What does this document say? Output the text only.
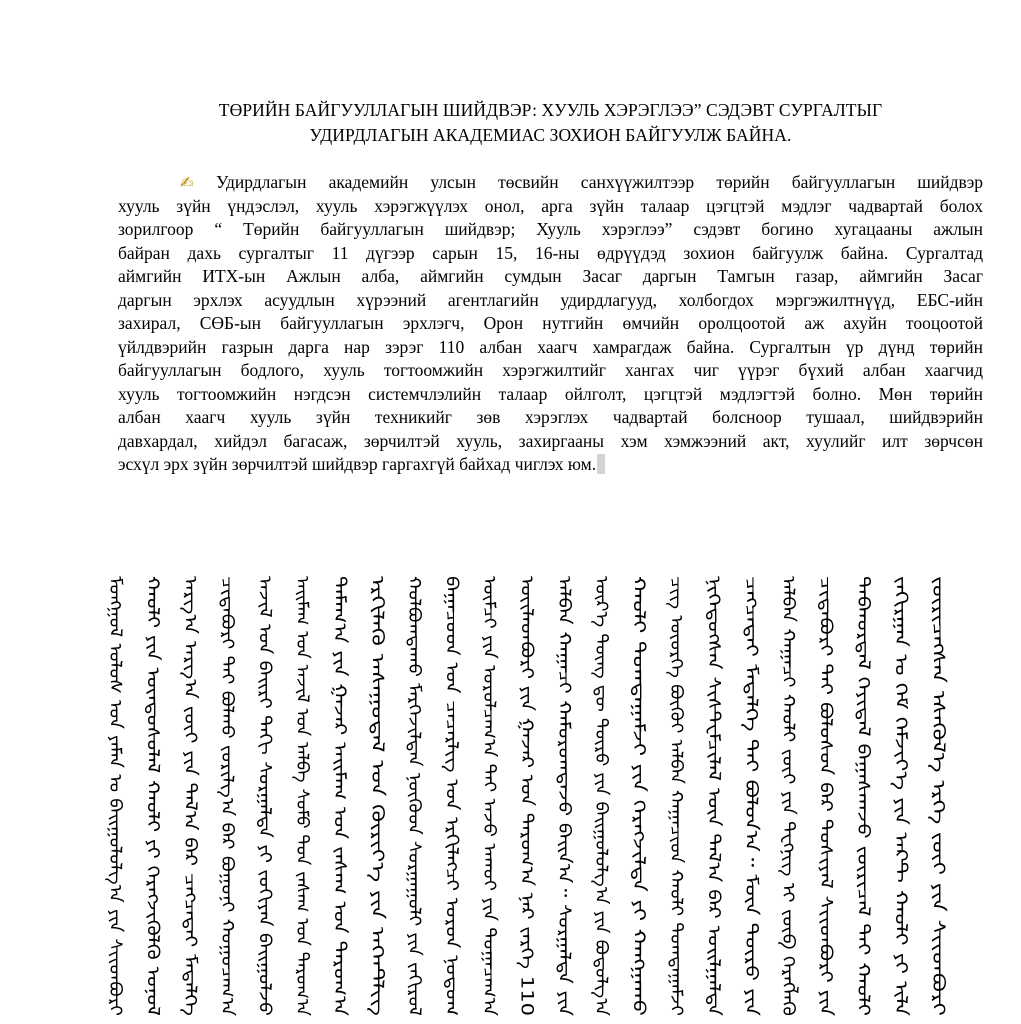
ТӨРИЙН БАЙГУУЛЛАГЫН ШИЙДВЭР: ХУУЛЬ ХЭРЭГЛЭЭ” СЭДЭВТ СУРГАЛТЫГ
УДИРДЛАГЫН АКАДЕМИАС ЗОХИОН БАЙГУУЛЖ БАЙНА.
✍ Удирдлагын академийн улсын төсвийн санхүүжилтээр төрийн байгууллагын шийдвэр
хууль зүйн үндэслэл, хууль хэрэгжүүлэх онол, арга зүйн талаар цэгцтэй мэдлэг чадвартай болох
зорилгоор “ Төрийн байгууллагын шийдвэр; Хууль хэрэглээ” сэдэвт богино хугацааны ажлын
байран дахь сургалтыг 11 дүгээр сарын 15, 16-ны өдрүүдэд зохион байгуулж байна. Сургалтад
аймгийн ИТХ-ын Ажлын алба, аймгийн сумдын Засаг даргын Тамгын газар, аймгийн Засаг
даргын эрхлэх асуудлын хүрээний агентлагийн удирдлагууд, холбогдох мэргэжилтнүүд, ЕБС-ийн
захирал, СӨБ-ын байгууллагын эрхлэгч, Орон нутгийн өмчийн оролцоотой аж ахуйн тооцоотой
үйлдвэрийн газрын дарга нар зэрэг 110 албан хаагч хамрагдаж байна. Сургалтын үр дүнд төрийн
байгууллагын бодлого, хууль тогтоомжийн хэрэгжилтийг хангах чиг үүрэг бүхий албан хаагчид
хууль тогтоомжийн нэгдсэн системчлэлийн талаар ойлголт, цэгцтэй мэдлэгтэй болно. Мөн төрийн
албан хаагч хууль зүйн техникийг зөв хэрэглэх чадвартай болсноор тушаал, шийдвэрийн
давхардал, хийдэл багасаж, зөрчилтэй хууль, захиргааны хэм хэмжээний акт, хуулийг илт зөрчсөн
эсхүл эрх зүйн зөрчилтэй шийдвэр гаргахгүй байхад чиглэх юм.
ᠮᠣᠩᠭᠣᠯ ᠤᠯᠤᠰ ᠤᠨ ᠶᠠᠮᠠᠨ ᠤ ᠪᠠᠢᠭᠤᠯᠤᠯᠭ᠎ᠠ ᠶᠢᠨ ᠱᠢᠢᠳᠪᠦᠷᠢ ᠬᠠᠤᠯᠢ ᠶᠢᠨ ᠦᠨᠳᠦᠰᠦᠯᠡᠯ ᠬᠠᠤᠯᠢ ᠶᠢ ᠬᠡᠷᠡᠭᠵᠢᠭᠦᠯᠬᠦ ᠣᠨᠣᠯ ᠠᠷᠭ᠎ᠠ ᠠᠷᠭ᠎ᠠ ᠵᠦᠢ ᠶᠢᠨ ᠲᠠᠯ᠎ᠠ ᠪᠠᠷ ᠴᠡᠭᠴᠡᠲᠡᠢ ᠮᠡᠳᠡᠯᠭᠡ ᠴᠢᠳᠠᠪᠤᠷᠢ ᠲᠠᠢ ᠪᠣᠯᠬᠤ ᠵᠣᠷᠢᠯᠭ᠎ᠠ ᠪᠠᠷ ᠪᠣᠭᠣᠨᠢ ᠬᠤᠭᠤᠴᠠᠭ᠎ᠠ ᠠᠵᠢᠯ ᠤᠨ ᠪᠠᠢᠷᠢ ᠳᠠᠬᠢ ᠰᠤᠷᠭᠠᠯᠲᠠ ᠶᠢ ᠵᠣᠬᠢᠶᠠᠨ ᠪᠠᠢᠭᠤᠯᠵᠤ ᠠᠢᠮᠠᠭ ᠤᠨ ᠠᠵᠢᠯ ᠤᠨ ᠠᠯᠪᠠ ᠰᠤᠮᠤ ᠳᠤᠨ ᠵᠠᠰᠠᠭ ᠤᠨ ᠳᠠᠷᠤᠭ᠎ᠠ ᠲᠠᠮᠠᠭ᠎ᠠ ᠶᠢᠨ ᠭᠠᠵᠠᠷ ᠠᠢᠮᠠᠭ ᠤᠨ ᠵᠠᠰᠠᠭ ᠤᠨ ᠳᠠᠷᠤᠭ᠎ᠠ ᠡᠷᠬᠢᠯᠡᠬᠦ ᠠᠰᠠᠭᠤᠳᠠᠯ ᠤᠨ ᠬᠦᠷᠢᠶ᠎ᠡ ᠶᠢᠨ ᠠᠭᠡᠨᠲᠯᠢᠭ ᠬᠣᠯᠪᠣᠭᠳᠠᠬᠤ ᠮᠡᠷᠭᠡᠵᠢᠯᠲᠡᠨ ᠨᠦᠭᠦᠳ ᠰᠤᠷᠭᠠᠭᠤᠯᠢ ᠶᠢᠨ ᠵᠠᠬᠢᠷᠤᠯ ᠪᠠᠭᠠᠴᠤᠳ ᠤᠨ ᠴᠡᠴᠡᠷᠯᠢᠭ ᠤᠨ ᠡᠷᠬᠢᠯᠡᠭᠴᠢ ᠣᠷᠣᠨ ᠨᠤᠲᠤᠭ ᠦᠮᠴᠢ ᠶᠢᠨ ᠣᠷᠣᠯᠴᠠᠭ᠎ᠠ ᠲᠠᠢ ᠠᠵᠤ ᠠᠬᠤᠢ ᠶᠢᠨ ᠲᠣᠭᠠᠴᠠᠭ᠎ᠠ ᠦᠢᠯᠡᠳᠪᠦᠷᠢ ᠶᠢᠨ ᠭᠠᠵᠠᠷ ᠤᠨ ᠳᠠᠷᠤᠭ᠎ᠠ ᠨᠠᠷ ᠵᠡᠷᠭᠡ 110 ᠠᠯᠪᠠᠨ ᠬᠠᠭᠠᠴᠢ ᠬᠠᠮᠤᠷᠤᠭᠳᠠᠵᠤ ᠪᠠᠢᠨ᠎ᠠ᠃ ᠰᠤᠷᠭᠠᠯᠲᠠ ᠶᠢᠨ ᠦᠷ᠎ᠡ ᠳᠦᠩ ᠳᠦ ᠲᠥᠷᠦ ᠶᠢᠨ ᠪᠠᠢᠭᠤᠯᠤᠯᠭ᠎ᠠ ᠶᠢᠨ ᠪᠣᠳᠤᠯᠭ᠎ᠠ ᠬᠠᠤᠯᠢ ᠲᠣᠭᠲᠠᠭᠠᠮᠵᠢ ᠶᠢᠨ ᠬᠡᠷᠡᠭᠵᠢᠯᠲᠡ ᠶᠢ ᠬᠠᠩᠭᠠᠬᠤ ᠴᠢᠭ ᠦᠦᠷᠭᠡ ᠪᠦᠬᠦᠢ ᠠᠯᠪᠠᠨ ᠬᠠᠭᠠᠴᠢᠳ ᠬᠠᠤᠯᠢ ᠲᠣᠭᠲᠠᠭᠠᠮᠵᠢ ᠨᠢᠭᠡᠳᠦᠭᠰᠡᠨ ᠰᠢᠰᠲ᠋ᠧᠮᠴᠢᠯᠡᠯ ᠦᠨ ᠲᠠᠯ᠎ᠠ ᠪᠠᠷ ᠣᠢᠯᠭᠠᠯᠲᠠ ᠴᠡᠭᠴᠡᠲᠡᠢ ᠮᠡᠳᠡᠯᠭᠡ ᠲᠡᠢ ᠪᠣᠯᠤᠨ᠎ᠠ᠃ ᠮᠥᠨ ᠲᠥᠷᠦ ᠶᠢᠨ ᠠᠯᠪᠠᠨ ᠬᠠᠭᠠᠴᠢ ᠬᠠᠤᠯᠢ ᠵᠦᠢ ᠶᠢᠨ ᠲᠧᠬᠨᠢᠭ ᠢ ᠵᠥᠪ ᠬᠡᠷᠡᠭᠯᠡᠬᠦ ᠴᠢᠳᠠᠪᠤᠷᠢ ᠲᠠᠢ ᠪᠣᠯᠤᠰᠤᠨ ᠪᠠᠷ ᠲᠤᠰᠢᠶᠠᠯ ᠱᠢᠢᠳᠪᠦᠷᠢ ᠶᠢᠨ ᠳᠠᠪᠬᠤᠷᠳᠠᠯ ᠬᠡᠶᠢᠳᠡᠯ ᠪᠠᠭᠠᠰᠬᠠᠵᠤ ᠵᠥᠷᠢᠴᠡᠯ ᠲᠡᠢ ᠬᠠᠤᠯᠢ ᠵᠠᠬᠢᠷᠭᠠᠨ ᠤ ᠬᠡᠮ ᠬᠡᠮᠵᠢᠶ᠎ᠡ ᠶᠢᠨ ᠠᠺᠲ ᠬᠠᠤᠯᠢ ᠶᠢ ᠢᠯᠡ ᠵᠥᠷᠢᠴᠡᠭᠰᠡᠨ ᠡᠰᠡᠬᠦᠯ᠎ᠡ ᠡᠷᠬᠡ ᠵᠦᠢ ᠶᠢᠨ ᠱᠢᠢᠳᠪᠦᠷᠢ
